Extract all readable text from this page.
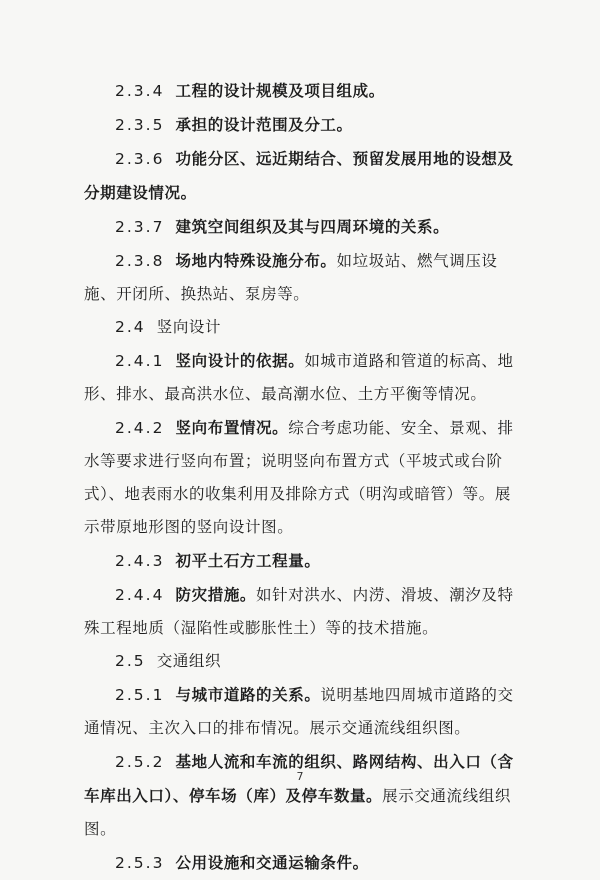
2.3.4 工程的设计规模及项目组成。

2.3.5 承担的设计范围及分工。

2.3.6 功能分区、远近期结合、预留发展用地的设想及分期建设情况。

2.3.7 建筑空间组织及其与四周环境的关系。

2.3.8 场地内特殊设施分布。如垃圾站、燃气调压设施、开闭所、换热站、泵房等。

2.4 竖向设计

2.4.1 竖向设计的依据。如城市道路和管道的标高、地形、排水、最高洪水位、最高潮水位、土方平衡等情况。

2.4.2 竖向布置情况。综合考虑功能、安全、景观、排水等要求进行竖向布置；说明竖向布置方式（平坡式或台阶式）、地表雨水的收集利用及排除方式（明沟或暗管）等。展示带原地形图的竖向设计图。

2.4.3 初平土石方工程量。

2.4.4 防灾措施。如针对洪水、内涝、滑坡、潮汐及特殊工程地质（湿陷性或膨胀性土）等的技术措施。

2.5 交通组织

2.5.1 与城市道路的关系。说明基地四周城市道路的交通情况、主次入口的排布情况。展示交通流线组织图。

2.5.2 基地人流和车流的组织、路网结构、出入口（含车库出入口）、停车场（库）及停车数量。展示交通流线组织图。

2.5.3 公用设施和交通运输条件。

7
